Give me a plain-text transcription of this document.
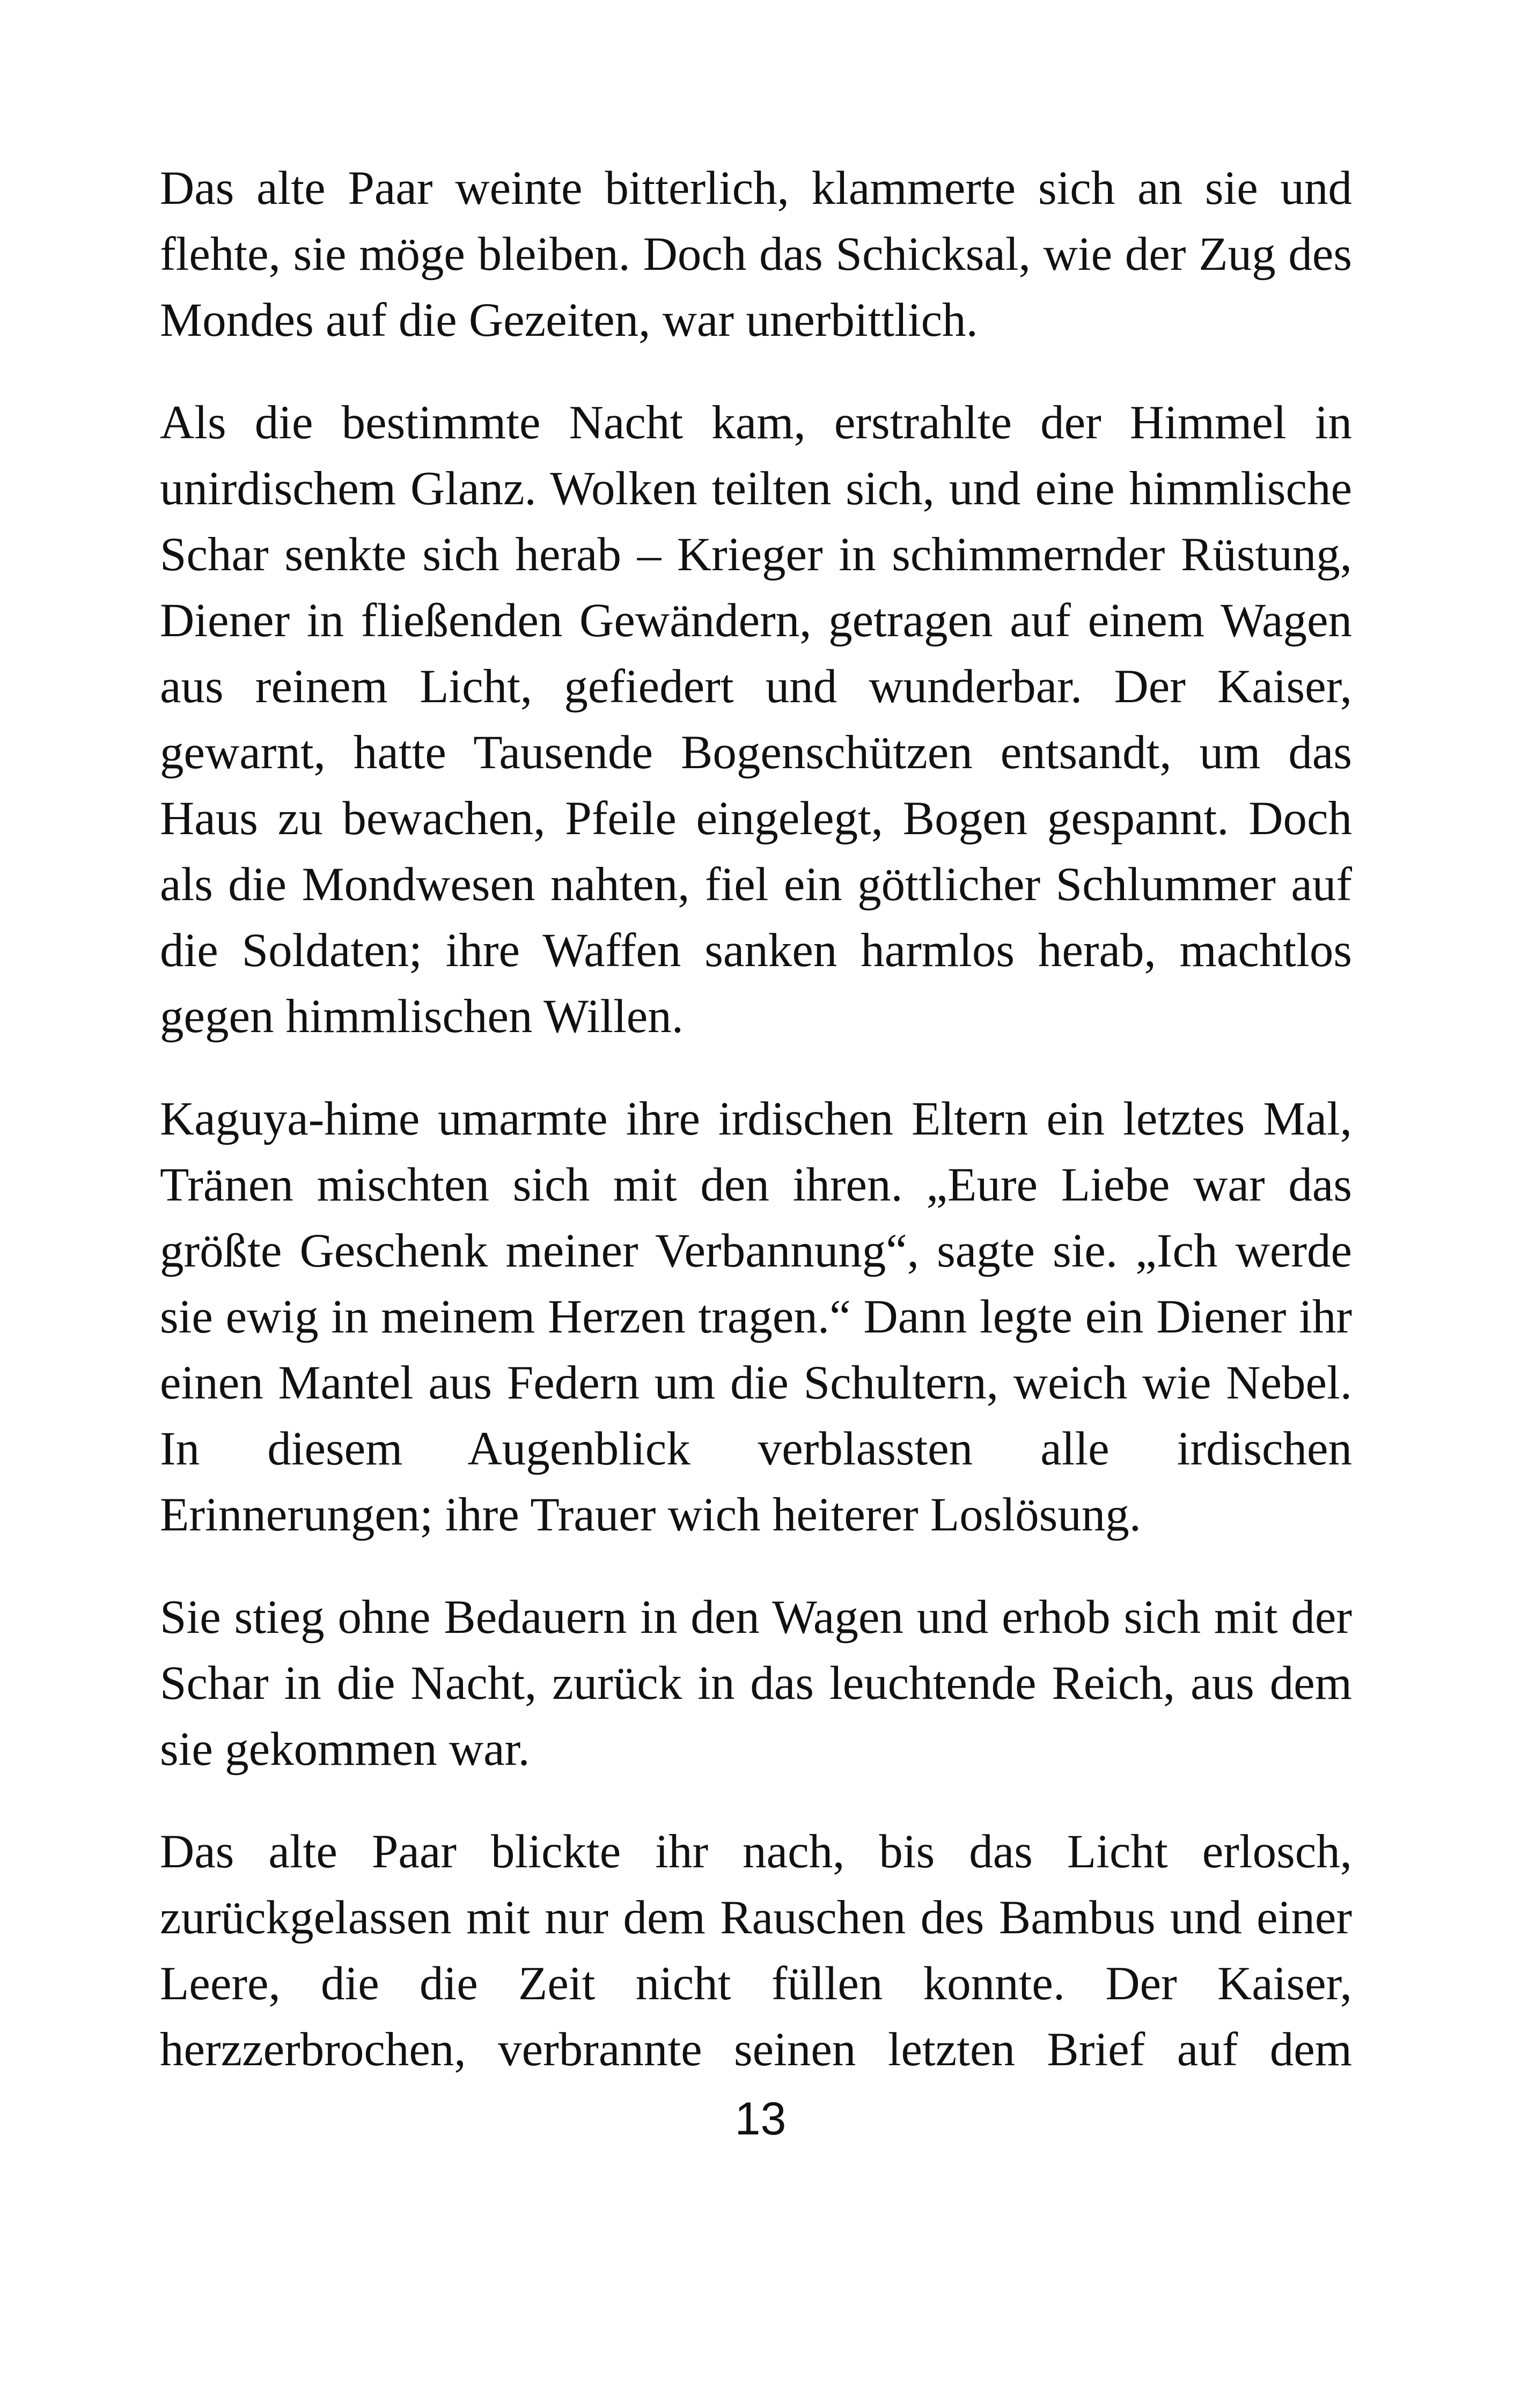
Das alte Paar weinte bitterlich, klammerte sich an sie und flehte, sie möge bleiben. Doch das Schicksal, wie der Zug des Mondes auf die Gezeiten, war unerbittlich.

Als die bestimmte Nacht kam, erstrahlte der Himmel in unirdischem Glanz. Wolken teilten sich, und eine himmlische Schar senkte sich herab – Krieger in schimmernder Rüstung, Diener in fließenden Gewändern, getragen auf einem Wagen aus reinem Licht, gefiedert und wunderbar. Der Kaiser, gewarnt, hatte Tausende Bogenschützen entsandt, um das Haus zu bewachen, Pfeile eingelegt, Bogen gespannt. Doch als die Mondwesen nahten, fiel ein göttlicher Schlummer auf die Soldaten; ihre Waffen sanken harmlos herab, machtlos gegen himmlischen Willen.

Kaguya-hime umarmte ihre irdischen Eltern ein letztes Mal, Tränen mischten sich mit den ihren. „Eure Liebe war das größte Geschenk meiner Verbannung“, sagte sie. „Ich werde sie ewig in meinem Herzen tragen.“ Dann legte ein Diener ihr einen Mantel aus Federn um die Schultern, weich wie Nebel. In diesem Augenblick verblassten alle irdischen Erinnerungen; ihre Trauer wich heiterer Loslösung.

Sie stieg ohne Bedauern in den Wagen und erhob sich mit der Schar in die Nacht, zurück in das leuchtende Reich, aus dem sie gekommen war.

Das alte Paar blickte ihr nach, bis das Licht erlosch, zurückgelassen mit nur dem Rauschen des Bambus und einer Leere, die die Zeit nicht füllen konnte. Der Kaiser, herzzerbrochen, verbrannte seinen letzten Brief auf dem

13
